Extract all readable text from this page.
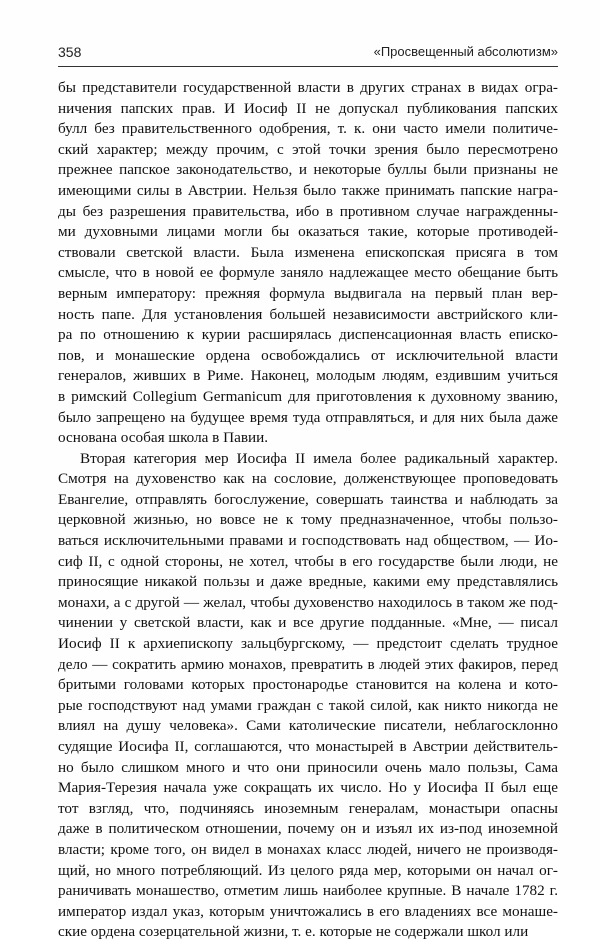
358	«Просвещенный абсолютизм»
бы представители государственной власти в других странах в видах огра-
ничения папских прав. И Иосиф II не допускал публикования папских
булл без правительственного одобрения, т. к. они часто имели политиче-
ский характер; между прочим, с этой точки зрения было пересмотрено
прежнее папское законодательство, и некоторые буллы были признаны не
имеющими силы в Австрии. Нельзя было также принимать папские награ-
ды без разрешения правительства, ибо в противном случае награжденны-
ми духовными лицами могли бы оказаться такие, которые противодей-
ствовали светской власти. Была изменена епископская присяга в том
смысле, что в новой ее формуле заняло надлежащее место обещание быть
верным императору: прежняя формула выдвигала на первый план вер-
ность папе. Для установления большей независимости австрийского кли-
ра по отношению к курии расширялась диспенсационная власть еписко-
пов, и монашеские ордена освобождались от исключительной власти
генералов, живших в Риме. Наконец, молодым людям, ездившим учиться
в римский Collegium Germanicum для приготовления к духовному званию,
было запрещено на будущее время туда отправляться, и для них была даже
основана особая школа в Павии.
Вторая категория мер Иосифа II имела более радикальный характер.
Смотря на духовенство как на сословие, долженствующее проповедовать
Евангелие, отправлять богослужение, совершать таинства и наблюдать за
церковной жизнью, но вовсе не к тому предназначенное, чтобы пользо-
ваться исключительными правами и господствовать над обществом, — Ио-
сиф II, с одной стороны, не хотел, чтобы в его государстве были люди, не
приносящие никакой пользы и даже вредные, какими ему представлялись
монахи, а с другой — желал, чтобы духовенство находилось в таком же под-
чинении у светской власти, как и все другие подданные. «Мне, — писал
Иосиф II к архиепископу зальцбургскому, — предстоит сделать трудное
дело — сократить армию монахов, превратить в людей этих факиров, перед
бритыми головами которых простонародье становится на колена и кото-
рые господствуют над умами граждан с такой силой, как никто никогда не
влиял на душу человека». Сами католические писатели, неблагосклонно
судящие Иосифа II, соглашаются, что монастырей в Австрии действитель-
но было слишком много и что они приносили очень мало пользы, Сама
Мария-Терезия начала уже сокращать их число. Но у Иосифа II был еще
тот взгляд, что, подчиняясь иноземным генералам, монастыри опасны
даже в политическом отношении, почему он и изъял их из-под иноземной
власти; кроме того, он видел в монахах класс людей, ничего не производя-
щий, но много потребляющий. Из целого ряда мер, которыми он начал ог-
раничивать монашество, отметим лишь наиболее крупные. В начале 1782 г.
император издал указ, которым уничтожались в его владениях все монаше-
ские ордена созерцательной жизни, т. е. которые не содержали школ или
